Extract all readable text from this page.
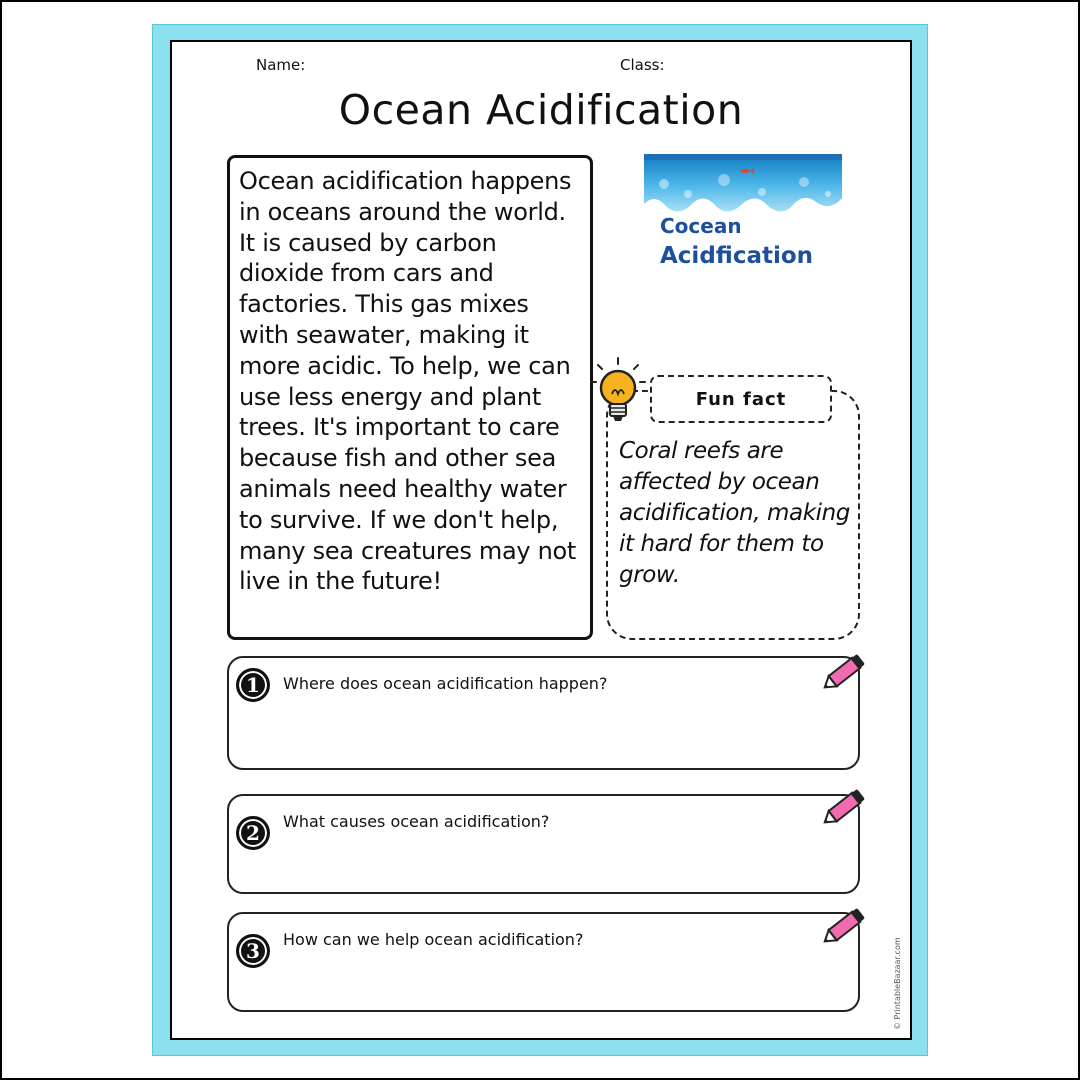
Name:	Class:
Ocean Acidification

Ocean acidification happens in oceans around the world. It is caused by carbon dioxide from cars and factories. This gas mixes with seawater, making it more acidic. To help, we can use less energy and plant trees. It's important to care because fish and other sea animals need healthy water to survive. If we don't help, many sea creatures may not live in the future!

Cocean
Acidfication
Fun fact

Coral reefs are affected by ocean acidification, making it hard for them to grow.

1	Where does ocean acidification happen?
2	What causes ocean acidification?
3	How can we help ocean acidification?	© PrintableBazaar.com
